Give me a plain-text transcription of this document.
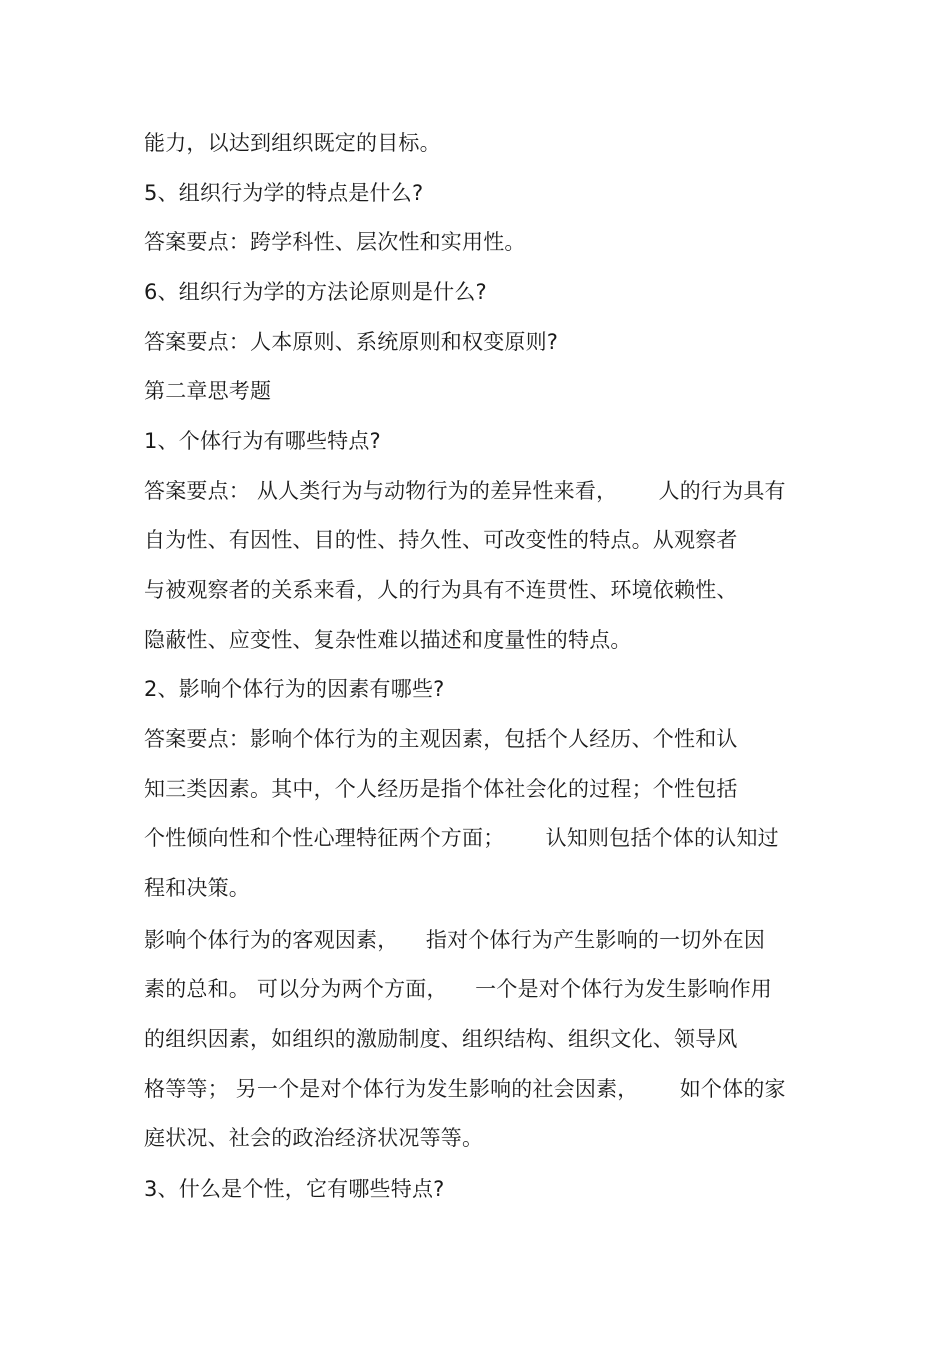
能力，以达到组织既定的目标。
5、组织行为学的特点是什么?
答案要点：跨学科性、层次性和实用性。
6、组织行为学的方法论原则是什么?
答案要点：人本原则、系统原则和权变原则?
第二章思考题
1、个体行为有哪些特点?
答案要点： 从人类行为与动物行为的差异性来看，      人的行为具有
自为性、有因性、目的性、持久性、可改变性的特点。从观察者
与被观察者的关系来看，人的行为具有不连贯性、环境依赖性、
隐蔽性、应变性、复杂性难以描述和度量性的特点。
2、影响个体行为的因素有哪些?
答案要点：影响个体行为的主观因素，包括个人经历、个性和认
知三类因素。其中，个人经历是指个体社会化的过程；个性包括
个性倾向性和个性心理特征两个方面；      认知则包括个体的认知过
程和决策。
影响个体行为的客观因素，    指对个体行为产生影响的一切外在因
素的总和。 可以分为两个方面，    一个是对个体行为发生影响作用
的组织因素，如组织的激励制度、组织结构、组织文化、领导风
格等等； 另一个是对个体行为发生影响的社会因素，      如个体的家
庭状况、社会的政治经济状况等等。
3、什么是个性，它有哪些特点?
